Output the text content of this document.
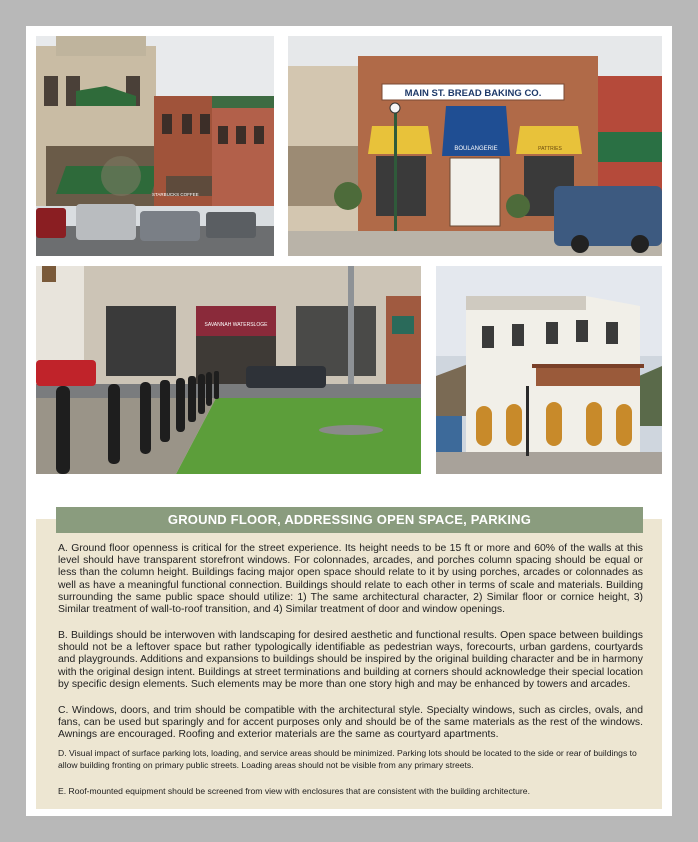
STARBUCKS COFFEE
MAIN ST. BREAD BAKING CO.
BOULANGERIE	PATTRIES
SAVANNAH WATERSLOGE
GROUND FLOOR, ADDRESSING OPEN SPACE, PARKING

A. Ground floor openness is critical for the street experience. Its height needs to be 15 ft or more and 60% of the walls at this level should have transparent storefront windows. For colonnades, arcades, and porches column spacing should be equal or less than the column height. Buildings facing major open space should relate to it by using porches, arcades or colonnades as well as have a meaningful functional connection. Buildings should relate to each other in terms of scale and materials. Building surrounding the same public space should utilize: 1) The same architectural character, 2) Similar floor or cornice height, 3) Similar treatment of wall-to-roof transition, and 4) Similar treatment of door and window openings.

B. Buildings should be interwoven with landscaping for desired aesthetic and functional results. Open space between buildings should not be a leftover space but rather typologically identifiable as pedestrian ways, forecourts, urban gardens, courtyards and playgrounds. Additions and expansions to buildings should be inspired by the original building character and be in harmony with the original design intent. Buildings at street terminations and building at corners should acknowledge their special location by specific design elements. Such elements may be more than one story high and may be enhanced by towers and arcades.

C. Windows, doors, and trim should be compatible with the architectural style. Specialty windows, such as circles, ovals, and fans, can be used but sparingly and for accent purposes only and should be of the same materials as the rest of the windows. Awnings are encouraged. Roofing and exterior materials are the same as courtyard apartments.

D. Visual impact of surface parking lots, loading, and service areas should be minimized. Parking lots should be located to the side or rear of buildings to allow building fronting on primary public streets. Loading areas should not be visible from any primary streets.

E. Roof-mounted equipment should be screened from view with enclosures that are consistent with the building architecture.
